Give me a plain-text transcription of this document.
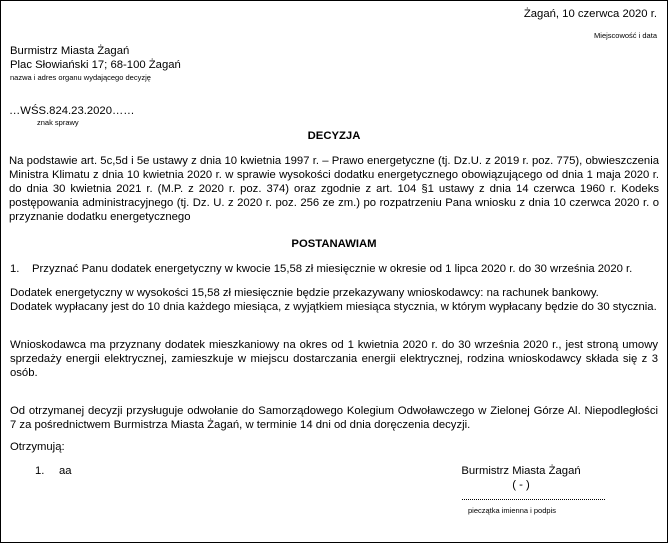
Żagań, 10 czerwca 2020 r.
Miejscowość i data
Burmistrz Miasta Żagań
Plac Słowiański 17; 68-100 Żagań
nazwa i adres organu wydającego decyzję
…WŚS.824.23.2020……
znak sprawy
DECYZJA
Na podstawie art. 5c,5d i 5e ustawy z dnia 10 kwietnia 1997 r. – Prawo energetyczne (tj. Dz.U. z 2019 r. poz. 775), obwieszczenia Ministra Klimatu z dnia 10 kwietnia 2020 r. w sprawie wysokości dodatku energetycznego obowiązującego od dnia 1 maja 2020 r. do dnia 30 kwietnia 2021 r. (M.P. z 2020 r. poz. 374) oraz zgodnie z art. 104 §1 ustawy z dnia 14 czerwca 1960 r. Kodeks postępowania administracyjnego (tj. Dz. U. z 2020 r. poz. 256 ze zm.) po rozpatrzeniu Pana wniosku z dnia 10 czerwca 2020 r. o przyznanie dodatku energetycznego
POSTANAWIAM
1. Przyznać Panu dodatek energetyczny w kwocie 15,58 zł miesięcznie w okresie od 1 lipca 2020 r. do 30 września 2020 r.
Dodatek energetyczny w wysokości 15,58 zł miesięcznie będzie przekazywany wnioskodawcy: na rachunek bankowy.
Dodatek wypłacany jest do 10 dnia każdego miesiąca, z wyjątkiem miesiąca stycznia, w którym wypłacany będzie do 30 stycznia.
Wnioskodawca ma przyznany dodatek mieszkaniowy na okres od 1 kwietnia 2020 r. do 30 września 2020 r., jest stroną umowy sprzedaży energii elektrycznej, zamieszkuje w miejscu dostarczania energii elektrycznej, rodzina wnioskodawcy składa się z 3 osób.
Od otrzymanej decyzji przysługuje odwołanie do Samorządowego Kolegium Odwoławczego w Zielonej Górze Al. Niepodległości 7 za pośrednictwem Burmistrza Miasta Żagań, w terminie 14 dni od dnia doręczenia decyzji.
Otrzymują:
1. aa	Burmistrz Miasta Żagań
( - )
pieczątka imienna i podpis
